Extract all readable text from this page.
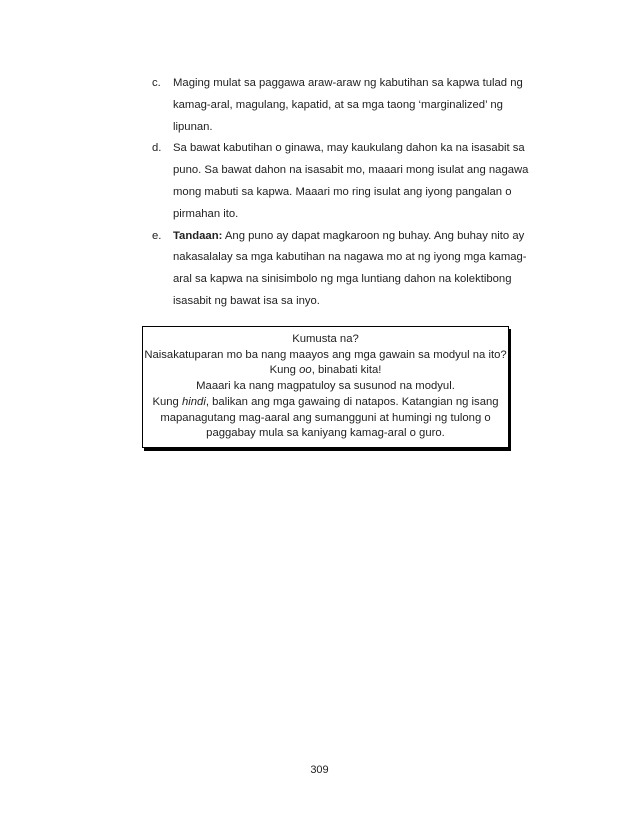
c.	Maging mulat sa paggawa araw-araw ng kabutihan sa kapwa tulad ng
kamag-aral, magulang, kapatid, at sa mga taong ‘marginalized’ ng
lipunan.
d.	Sa bawat kabutihan o ginawa, may kaukulang dahon ka na isasabit sa
puno. Sa bawat dahon na isasabit mo, maaari mong isulat ang nagawa
mong mabuti sa kapwa. Maaari mo ring isulat ang iyong pangalan o
pirmahan ito.
e.	Tandaan: Ang puno ay dapat magkaroon ng buhay. Ang buhay nito ay
nakasalalay sa mga kabutihan na nagawa mo at ng iyong mga kamag-
aral sa kapwa na sinisimbolo ng mga luntiang dahon na kolektibong
isasabit ng bawat isa sa inyo.
Kumusta na?
Naisakatuparan mo ba nang maayos ang mga gawain sa modyul na ito?
Kung oo, binabati kita!
Maaari ka nang magpatuloy sa susunod na modyul.
Kung hindi, balikan ang mga gawaing di natapos. Katangian ng isang
mapanagutang mag-aaral ang sumangguni at humingi ng tulong o
paggabay mula sa kaniyang kamag-aral o guro.
309
